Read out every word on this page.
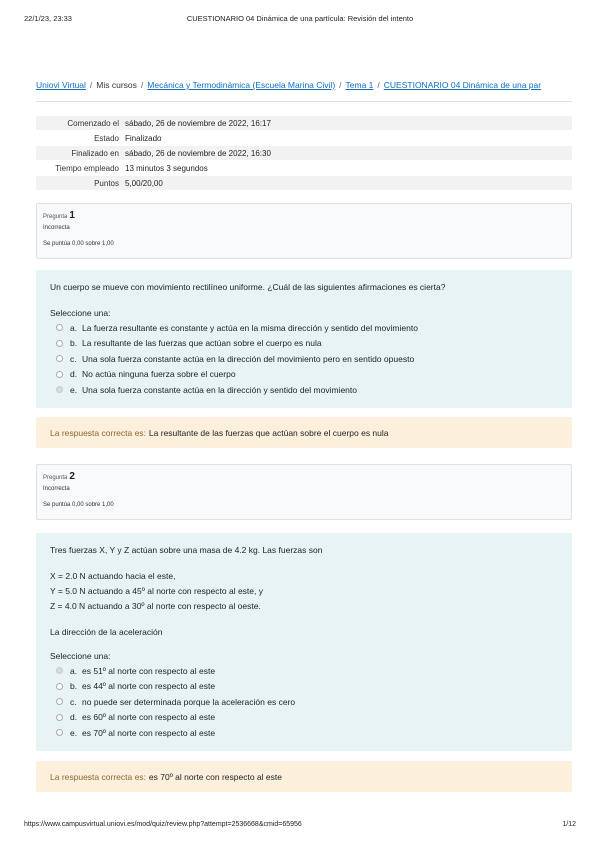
22/1/23, 23:33	CUESTIONARIO 04 Dinámica de una partícula: Revisión del intento
Uniovi Virtual / Mis cursos / Mecánica y Termodinámica (Escuela Marina Civil) / Tema 1 / CUESTIONARIO 04 Dinámica de una par
Comenzado el sábado, 26 de noviembre de 2022, 16:17
Estado Finalizado
Finalizado en sábado, 26 de noviembre de 2022, 16:30
Tiempo empleado 13 minutos 3 segundos
Puntos 5,00/20,00
Pregunta 1
Incorrecta
Se puntúa 0,00 sobre 1,00
Un cuerpo se mueve con movimiento rectilíneo uniforme. ¿Cuál de las siguientes afirmaciones es cierta?
Seleccione una:
a. La fuerza resultante es constante y actúa en la misma dirección y sentido del movimiento
b. La resultante de las fuerzas que actúan sobre el cuerpo es nula
c. Una sola fuerza constante actúa en la dirección del movimiento pero en sentido opuesto
d. No actúa ninguna fuerza sobre el cuerpo
e. Una sola fuerza constante actúa en la dirección y sentido del movimiento
La respuesta correcta es: La resultante de las fuerzas que actúan sobre el cuerpo es nula
Pregunta 2
Incorrecta
Se puntúa 0,00 sobre 1,00
Tres fuerzas X, Y y Z actúan sobre una masa de 4.2 kg. Las fuerzas son
X = 2.0 N actuando hacia el este,
Y = 5.0 N actuando a 45º al norte con respecto al este, y
Z = 4.0 N actuando a 30º al norte con respecto al oeste.
La dirección de la aceleración
Seleccione una:
a. es 51º al norte con respecto al este
b. es 44º al norte con respecto al este
c. no puede ser determinada porque la aceleración es cero
d. es 60º al norte con respecto al este
e. es 70º al norte con respecto al este
La respuesta correcta es: es 70º al norte con respecto al este
https://www.campusvirtual.uniovi.es/mod/quiz/review.php?attempt=2536668&cmid=65956	1/12
